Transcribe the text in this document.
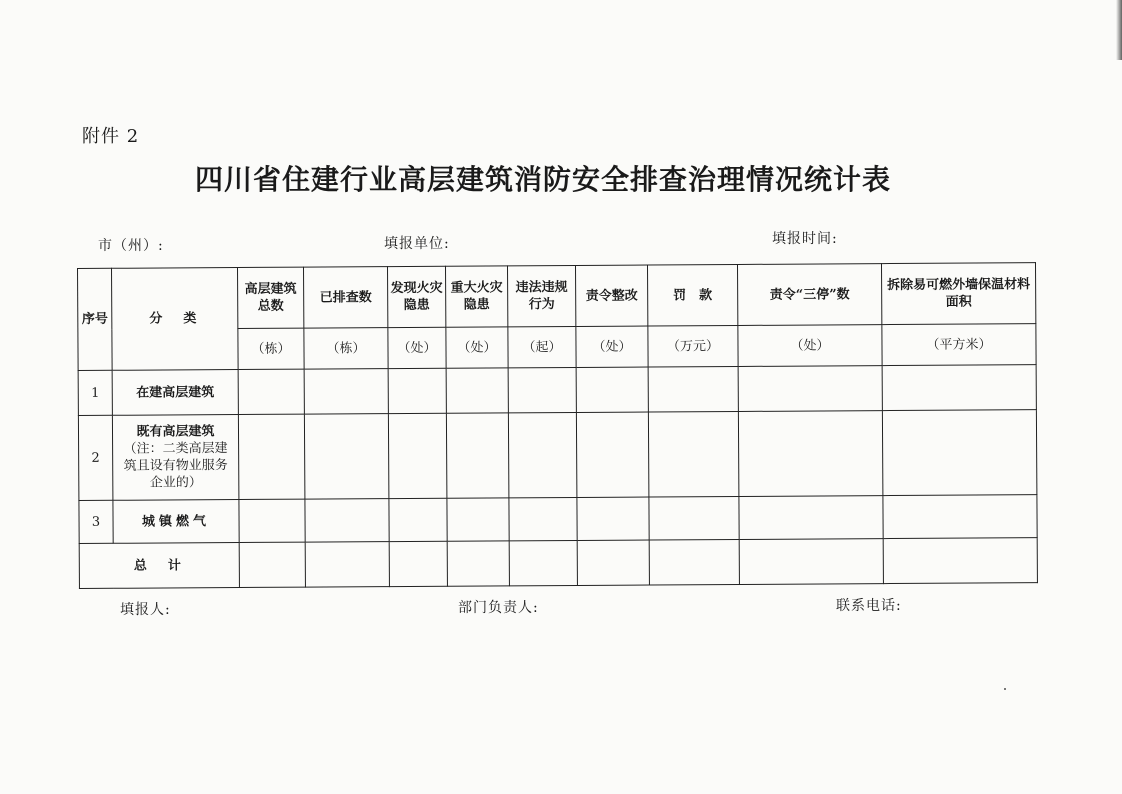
附件 2
四川省住建行业高层建筑消防安全排查治理情况统计表
市（州）:	填报单位:	填报时间:
序号	分　类	高层建筑总数	已排查数	发现火灾隐患	重大火灾隐患	违法违规行为	责令整改	罚　款	责令“三停”数	拆除易可燃外墙保温材料面积
		（栋）	（栋）	（处）	（处）	（起）	（处）	（万元）	（处）	（平方米）
1	在建高层建筑									
2	既有高层建筑
（注：二类高层建筑且设有物业服务企业的）									

3	城镇燃气									
总　计										
填报人:	部门负责人:	联系电话:
